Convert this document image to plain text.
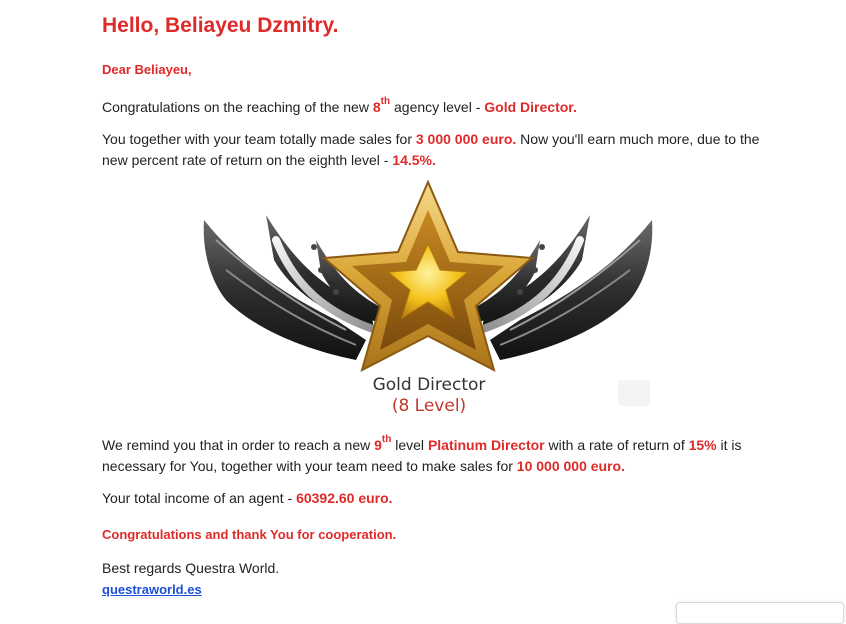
Hello, Beliayeu Dzmitry.
Dear Beliayeu,
Congratulations on the reaching of the new 8th agency level - Gold Director.
You together with your team totally made sales for 3 000 000 euro. Now you'll earn much more, due to the new percent rate of return on the eighth level - 14.5%.
Gold Director
(8 Level)
We remind you that in order to reach a new 9th level Platinum Director with a rate of return of 15% it is necessary for You, together with your team need to make sales for 10 000 000 euro.
Your total income of an agent - 60392.60 euro.
Congratulations and thank You for cooperation.
Best regards Questra World.
questraworld.es
